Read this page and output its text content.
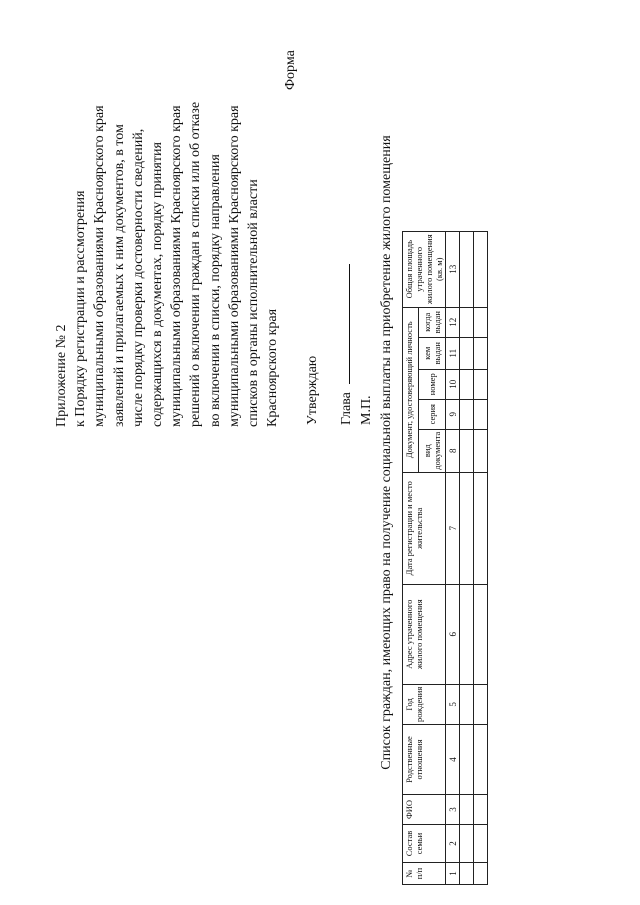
Приложение № 2 к Порядку регистрации и рассмотрения муниципальными образованиями Красноярского края заявлений и прилагаемых к ним документов, в том числе порядку проверки достоверности сведений, содержащихся в документах, порядку принятия муниципальными образованиями Красноярского края решений о включении граждан в списки или об отказе во включении в списки, порядку направления муниципальными образованиями Красноярского края списков в органы исполнительной власти Красноярского края
Форма
Утверждаю Глава М.П. Список граждан, имеющих право на получение социальной выплаты на приобретение жилого помещения
№ п/п	Состав семьи	ФИО	Родственные отношения	Год рождения	Адрес утраченного жилого помещения	Дата регистрации и место жительства	Документ, удостоверяющий личность					Общая площадь утраченного жилого помещения (кв. м)
							вид документа	серия	номер	кем выдан	когда выдан	
1	2	3	4	5	6	7	8	9	10	11	12	13
